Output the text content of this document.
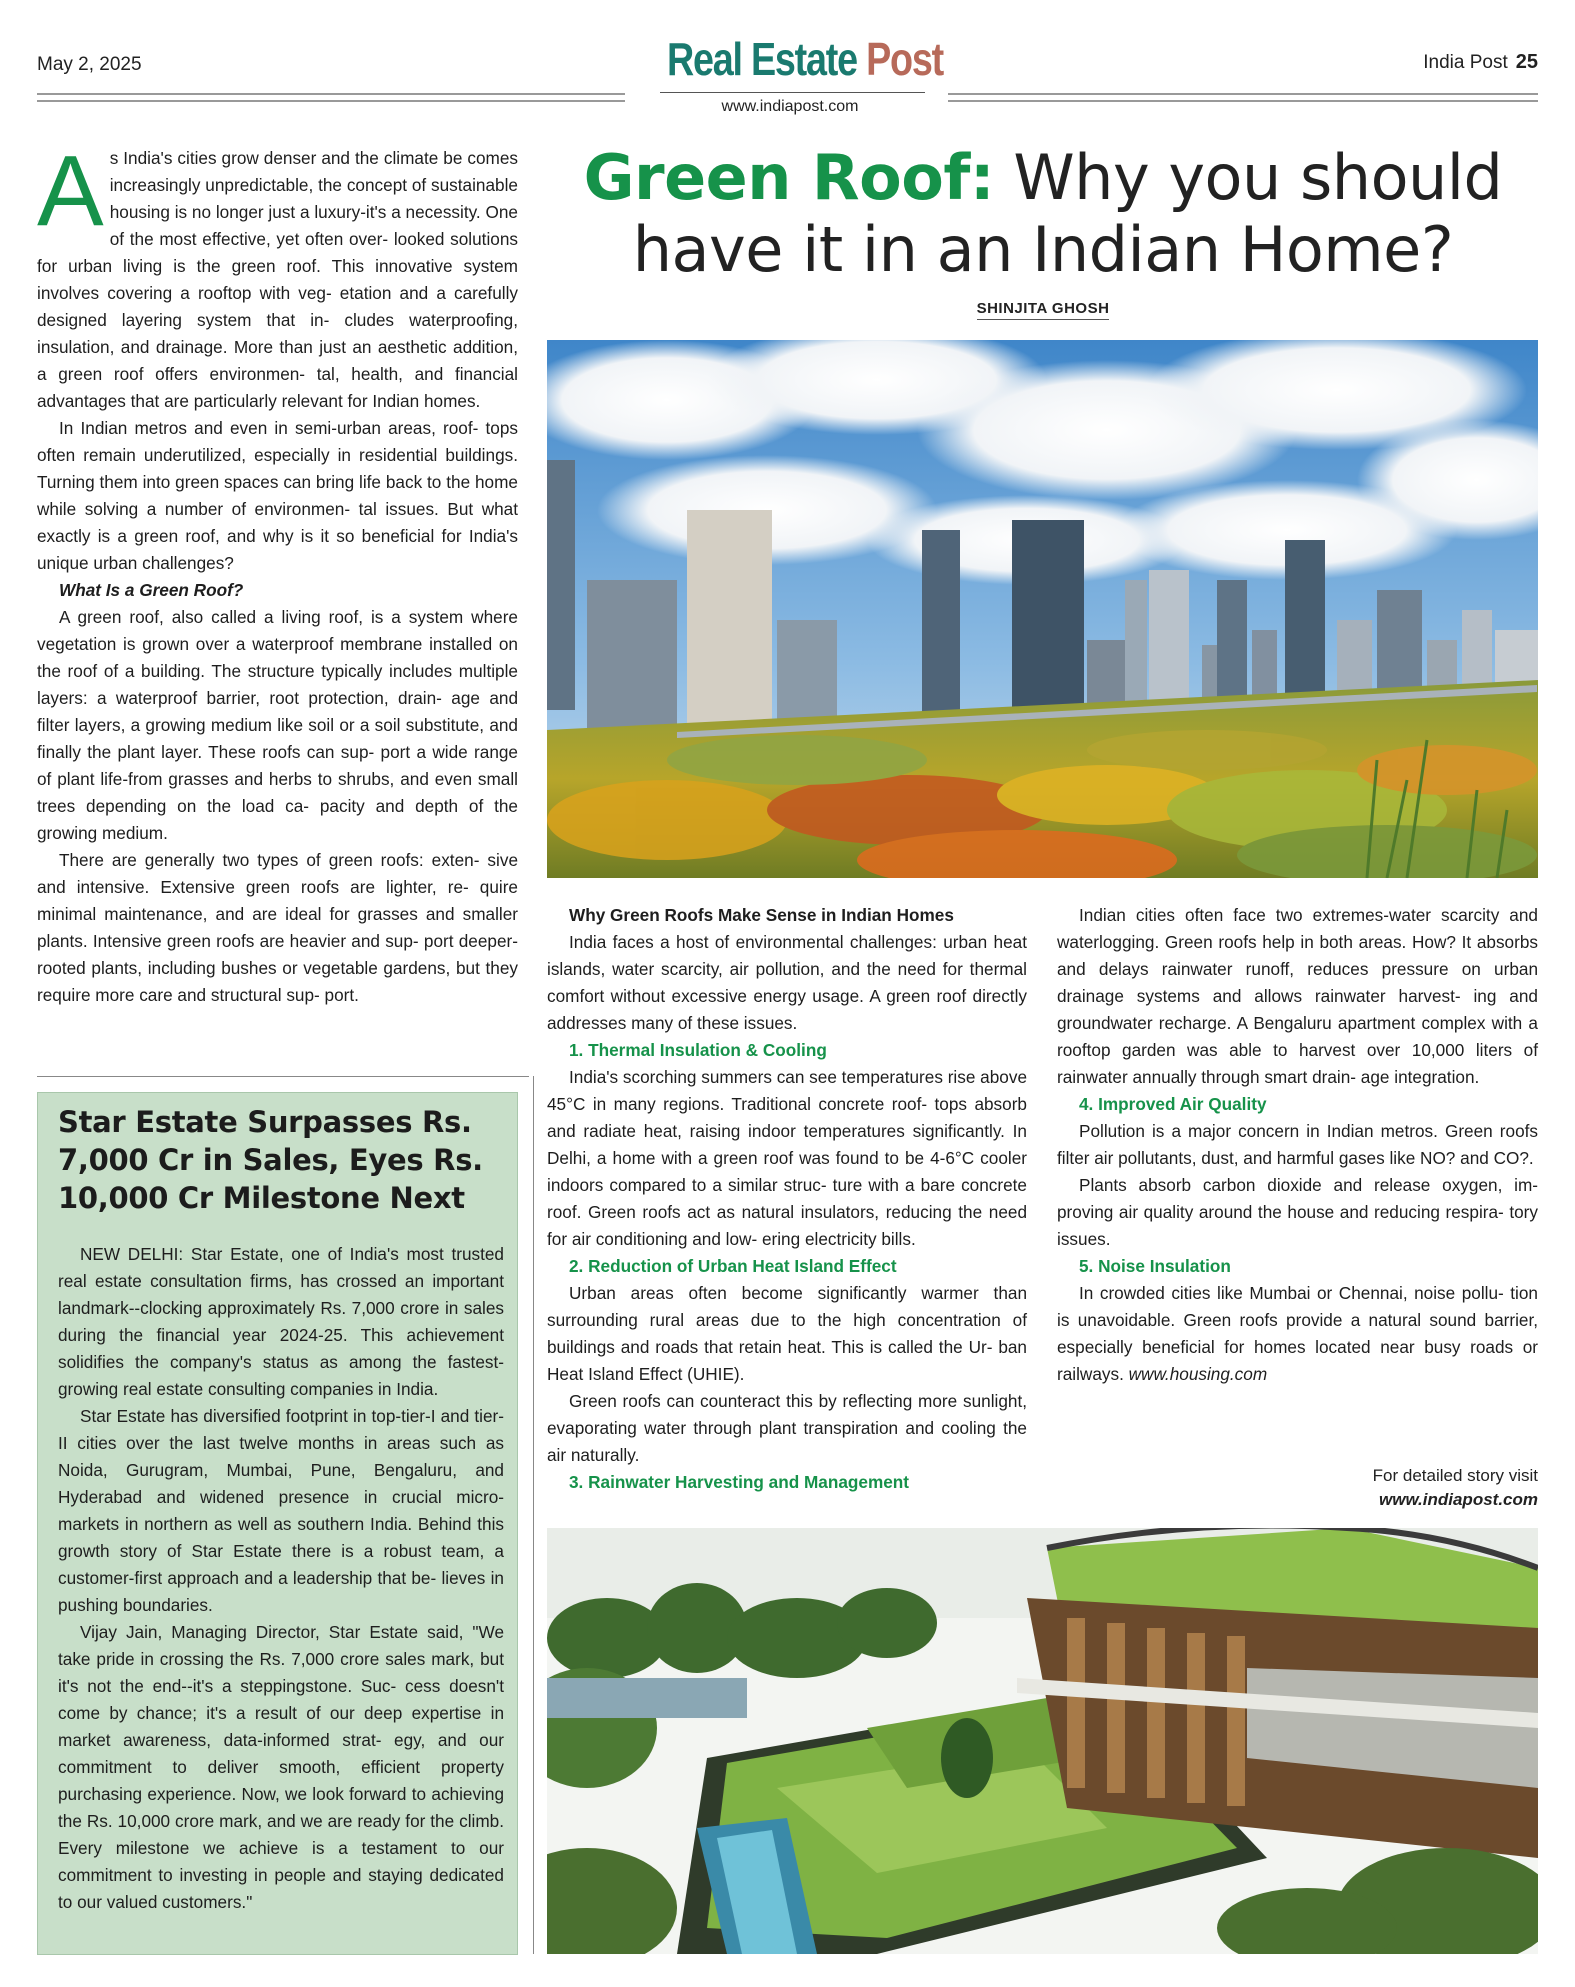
May 2, 2025	Real Estate Post
www.indiapost.com
India Post 25
Green Roof: Why you should have it in an Indian Home?
SHINJITA GHOSH

As India's cities grow denser and the climate be comes increasingly unpredictable, the concept of sustainable housing is no longer just a luxury-it's a necessity. One of the most effective, yet often over- looked solutions for urban living is the green roof. This innovative system involves covering a rooftop with veg- etation and a carefully designed layering system that in- cludes waterproofing, insulation, and drainage. More than just an aesthetic addition, a green roof offers environmen- tal, health, and financial advantages that are particularly relevant for Indian homes.

In Indian metros and even in semi-urban areas, roof- tops often remain underutilized, especially in residential buildings. Turning them into green spaces can bring life back to the home while solving a number of environmen- tal issues. But what exactly is a green roof, and why is it so beneficial for India's unique urban challenges?

What Is a Green Roof?

A green roof, also called a living roof, is a system where vegetation is grown over a waterproof membrane installed on the roof of a building. The structure typically includes multiple layers: a waterproof barrier, root protection, drain- age and filter layers, a growing medium like soil or a soil substitute, and finally the plant layer. These roofs can sup- port a wide range of plant life-from grasses and herbs to shrubs, and even small trees depending on the load ca- pacity and depth of the growing medium.

There are generally two types of green roofs: exten- sive and intensive. Extensive green roofs are lighter, re- quire minimal maintenance, and are ideal for grasses and smaller plants. Intensive green roofs are heavier and sup- port deeper-rooted plants, including bushes or vegetable gardens, but they require more care and structural sup- port.

Why Green Roofs Make Sense in Indian Homes

India faces a host of environmental challenges: urban heat islands, water scarcity, air pollution, and the need for thermal comfort without excessive energy usage. A green roof directly addresses many of these issues.

1. Thermal Insulation & Cooling

India's scorching summers can see temperatures rise above 45°C in many regions. Traditional concrete roof- tops absorb and radiate heat, raising indoor temperatures significantly. In Delhi, a home with a green roof was found to be 4-6°C cooler indoors compared to a similar struc- ture with a bare concrete roof. Green roofs act as natural insulators, reducing the need for air conditioning and low- ering electricity bills.

2. Reduction of Urban Heat Island Effect

Urban areas often become significantly warmer than surrounding rural areas due to the high concentration of buildings and roads that retain heat. This is called the Ur- ban Heat Island Effect (UHIE).

Green roofs can counteract this by reflecting more sunlight, evaporating water through plant transpiration and cooling the air naturally.

3. Rainwater Harvesting and Management

Indian cities often face two extremes-water scarcity and waterlogging. Green roofs help in both areas. How? It absorbs and delays rainwater runoff, reduces pressure on urban drainage systems and allows rainwater harvest- ing and groundwater recharge. A Bengaluru apartment complex with a rooftop garden was able to harvest over 10,000 liters of rainwater annually through smart drain- age integration.

4. Improved Air Quality

Pollution is a major concern in Indian metros. Green roofs filter air pollutants, dust, and harmful gases like NO? and CO?.

Plants absorb carbon dioxide and release oxygen, im- proving air quality around the house and reducing respira- tory issues.

5. Noise Insulation

In crowded cities like Mumbai or Chennai, noise pollu- tion is unavoidable. Green roofs provide a natural sound barrier, especially beneficial for homes located near busy roads or railways. www.housing.com

For detailed story visit
www.indiapost.com
Star Estate Surpasses Rs. 7,000 Cr in Sales, Eyes Rs. 10,000 Cr Milestone Next

NEW DELHI: Star Estate, one of India's most trusted real estate consultation firms, has crossed an important landmark--clocking approximately Rs. 7,000 crore in sales during the financial year 2024-25. This achievement solidifies the company's status as among the fastest-growing real estate consulting companies in India.

Star Estate has diversified footprint in top-tier-I and tier-II cities over the last twelve months in areas such as Noida, Gurugram, Mumbai, Pune, Bengaluru, and Hyderabad and widened presence in crucial micro- markets in northern as well as southern India. Behind this growth story of Star Estate there is a robust team, a customer-first approach and a leadership that be- lieves in pushing boundaries.

Vijay Jain, Managing Director, Star Estate said, "We take pride in crossing the Rs. 7,000 crore sales mark, but it's not the end--it's a steppingstone. Suc- cess doesn't come by chance; it's a result of our deep expertise in market awareness, data-informed strat- egy, and our commitment to deliver smooth, efficient property purchasing experience. Now, we look forward to achieving the Rs. 10,000 crore mark, and we are ready for the climb. Every milestone we achieve is a testament to our commitment to investing in people and staying dedicated to our valued customers."
